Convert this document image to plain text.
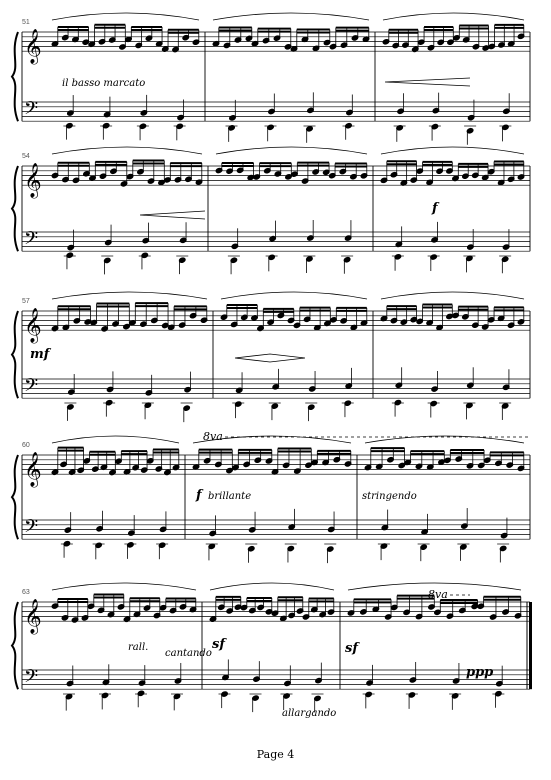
𝄞
𝄢
51
il basso marcato
𝄞
𝄢
54
f
𝄞
𝄢
57
mf
𝄞
𝄢
60
8va
f brillante	stringendo
𝄞
𝄢
63
rall.
cantando
sf
allargando
sf
8va
ppp
Page 4
